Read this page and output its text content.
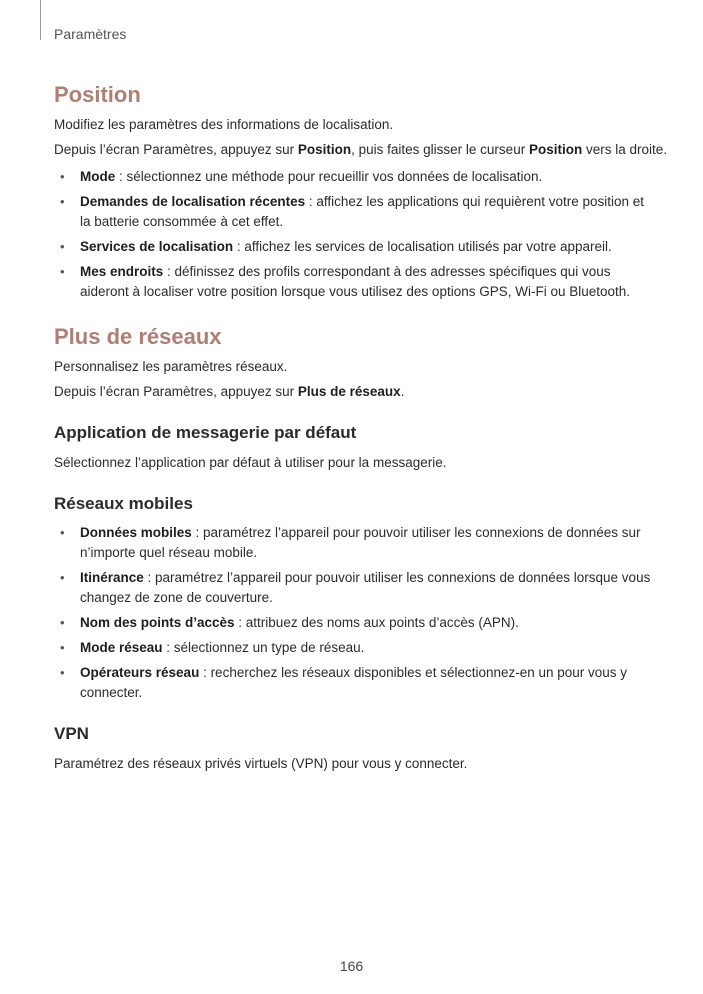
Paramètres
Position

Modifiez les paramètres des informations de localisation.

Depuis l’écran Paramètres, appuyez sur Position, puis faites glisser le curseur Position vers la droite.

• Mode : sélectionnez une méthode pour recueillir vos données de localisation.
• Demandes de localisation récentes : affichez les applications qui requièrent votre position et la batterie consommée à cet effet.
• Services de localisation : affichez les services de localisation utilisés par votre appareil.
• Mes endroits : définissez des profils correspondant à des adresses spécifiques qui vous aideront à localiser votre position lorsque vous utilisez des options GPS, Wi-Fi ou Bluetooth.
Plus de réseaux

Personnalisez les paramètres réseaux.

Depuis l’écran Paramètres, appuyez sur Plus de réseaux.

Application de messagerie par défaut

Sélectionnez l’application par défaut à utiliser pour la messagerie.

Réseaux mobiles
• Données mobiles : paramétrez l’appareil pour pouvoir utiliser les connexions de données sur n’importe quel réseau mobile.
• Itinérance : paramétrez l’appareil pour pouvoir utiliser les connexions de données lorsque vous changez de zone de couverture.
• Nom des points d’accès : attribuez des noms aux points d’accès (APN).
• Mode réseau : sélectionnez un type de réseau.
• Opérateurs réseau : recherchez les réseaux disponibles et sélectionnez-en un pour vous y connecter.
VPN

Paramétrez des réseaux privés virtuels (VPN) pour vous y connecter.

166
